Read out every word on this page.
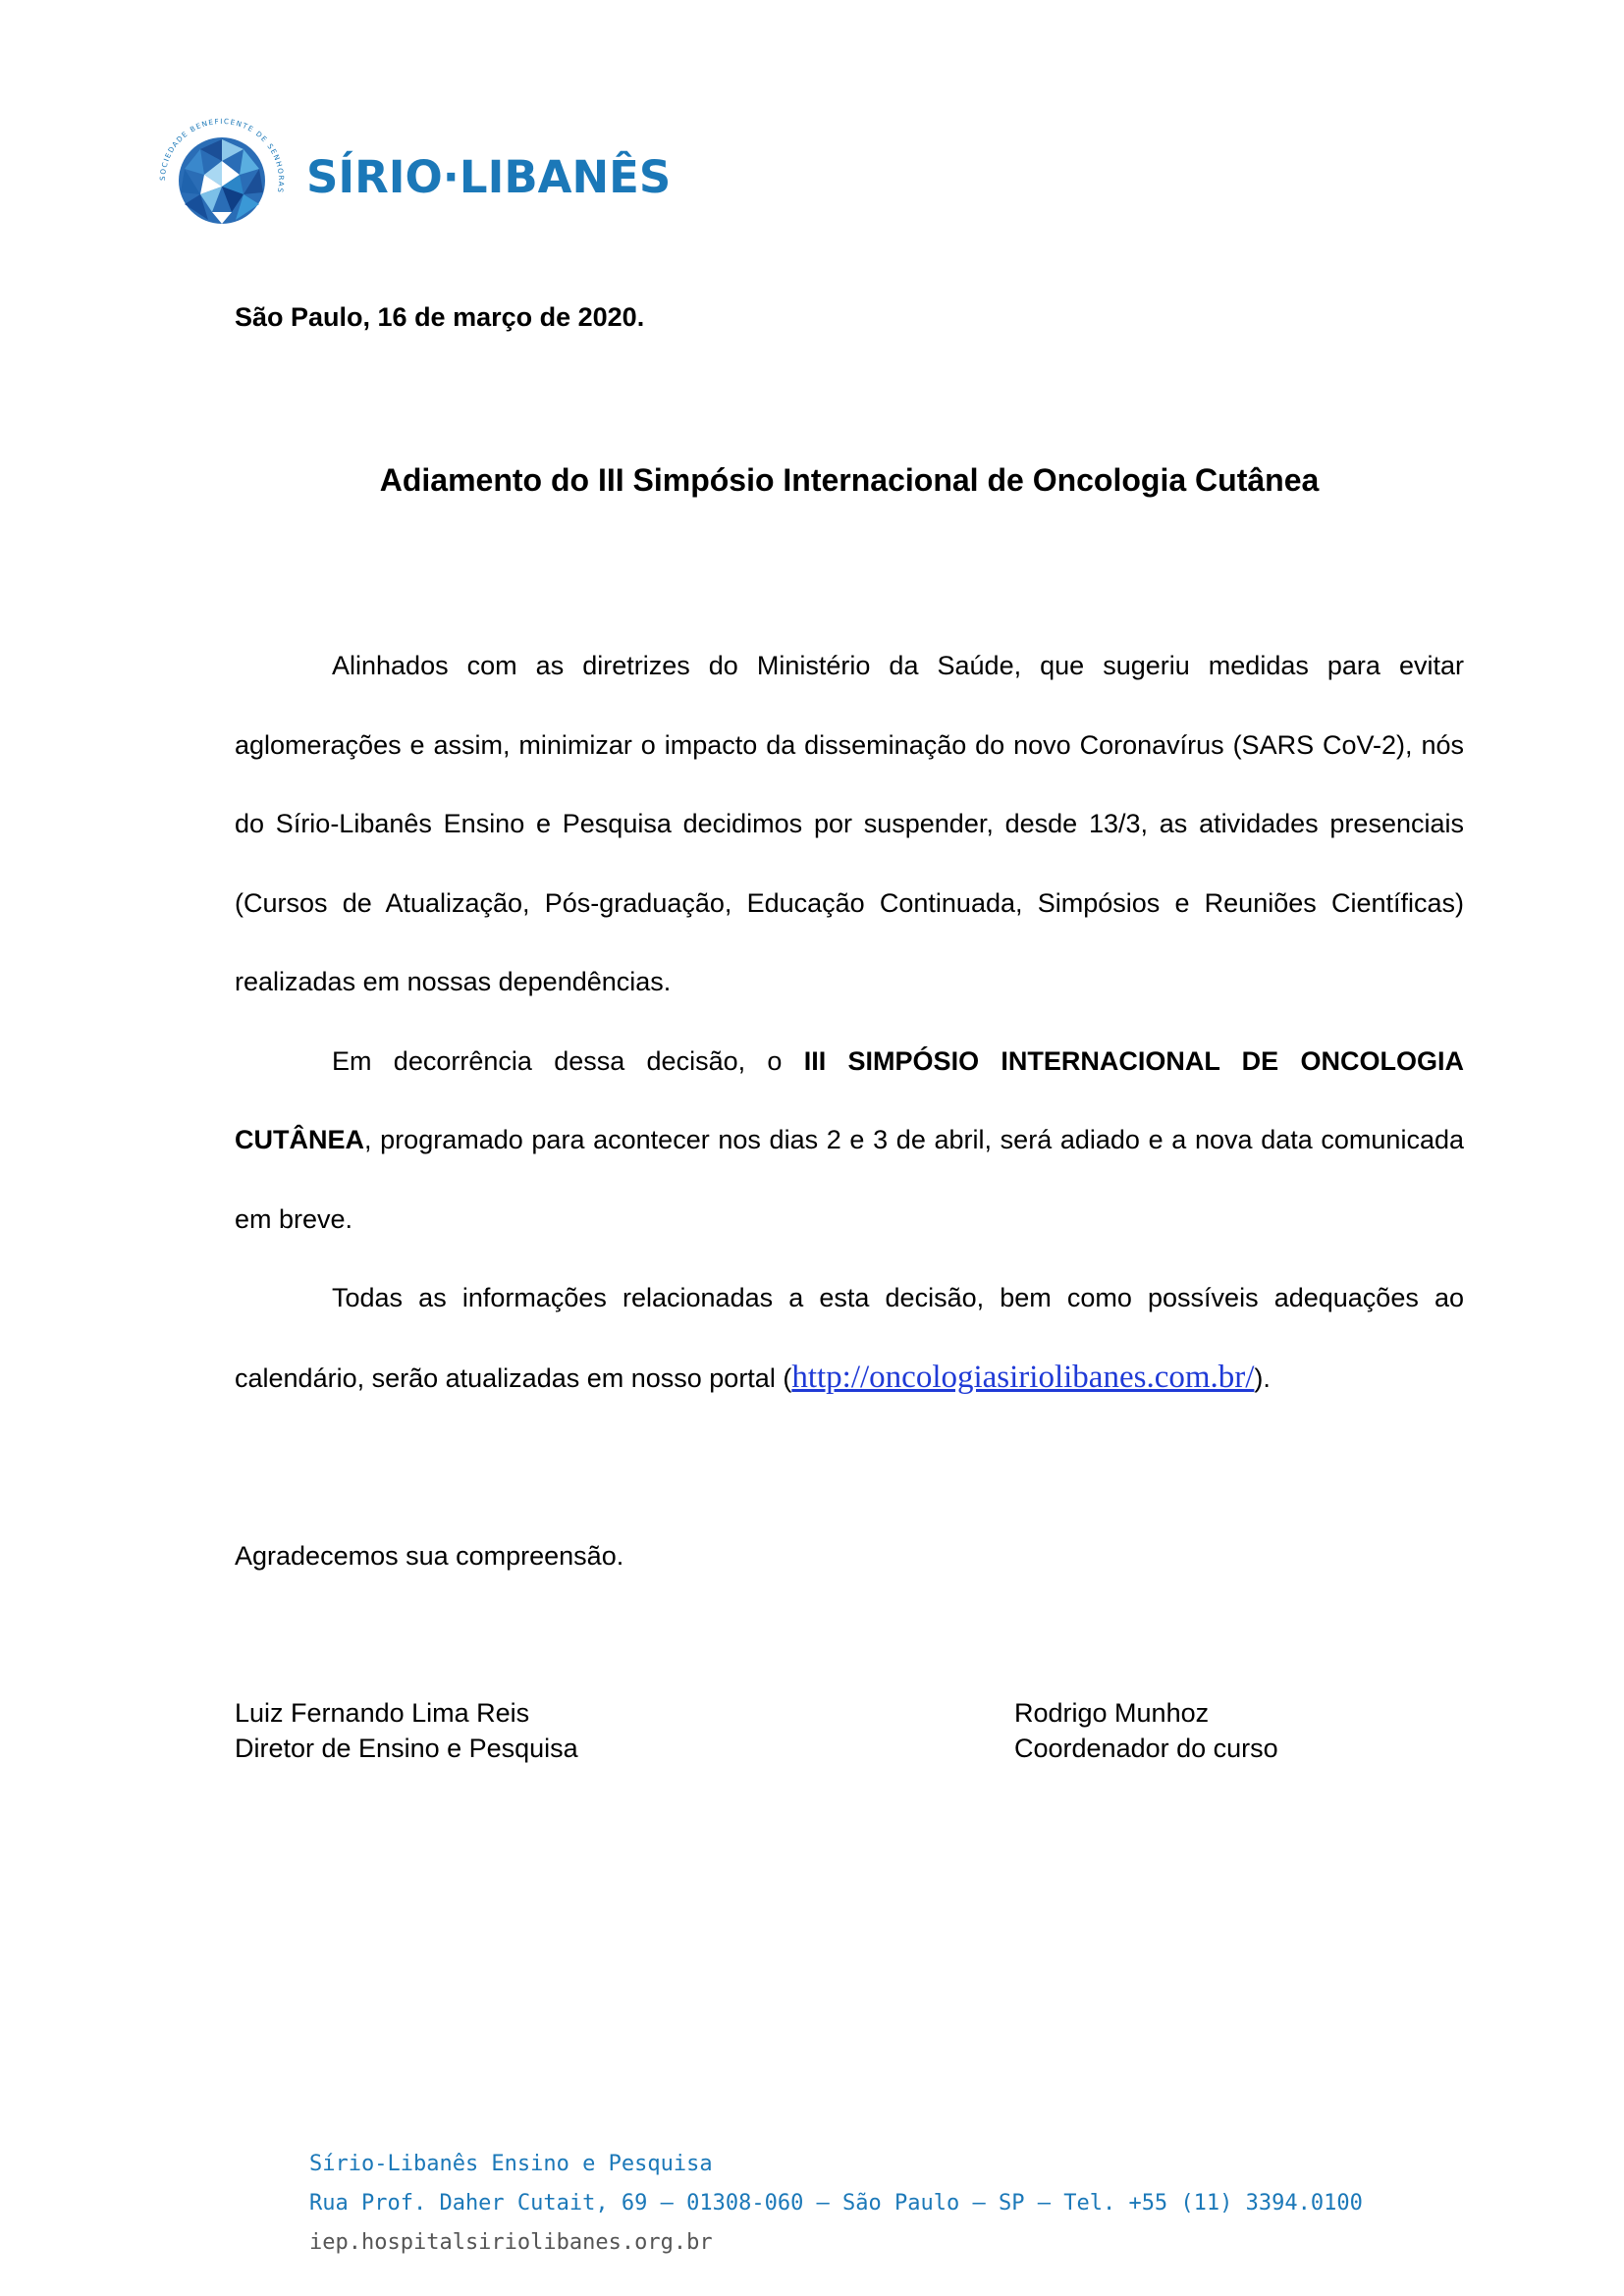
SOCIEDADE BENEFICENTE DE SENHORAS SÍRIO·LIBANÊS
São Paulo, 16 de março de 2020.
Adiamento do III Simpósio Internacional de Oncologia Cutânea

Alinhados com as diretrizes do Ministério da Saúde, que sugeriu medidas para evitar aglomerações e assim, minimizar o impacto da disseminação do novo Coronavírus (SARS CoV-2), nós do Sírio-Libanês Ensino e Pesquisa decidimos por suspender, desde 13/3, as atividades presenciais (Cursos de Atualização, Pós-graduação, Educação Continuada, Simpósios e Reuniões Científicas) realizadas em nossas dependências.

Em decorrência dessa decisão, o III SIMPÓSIO INTERNACIONAL DE ONCOLOGIA CUTÂNEA, programado para acontecer nos dias 2 e 3 de abril, será adiado e a nova data comunicada em breve.

Todas as informações relacionadas a esta decisão, bem como possíveis adequações ao calendário, serão atualizadas em nosso portal (http://oncologiasiriolibanes.com.br/).

Agradecemos sua compreensão.
Luiz Fernando Lima Reis
Diretor de Ensino e Pesquisa
Rodrigo Munhoz
Coordenador do curso
Sírio-Libanês Ensino e Pesquisa
Rua Prof. Daher Cutait, 69 – 01308-060 – São Paulo – SP – Tel. +55 (11) 3394.0100
iep.hospitalsiriolibanes.org.br
